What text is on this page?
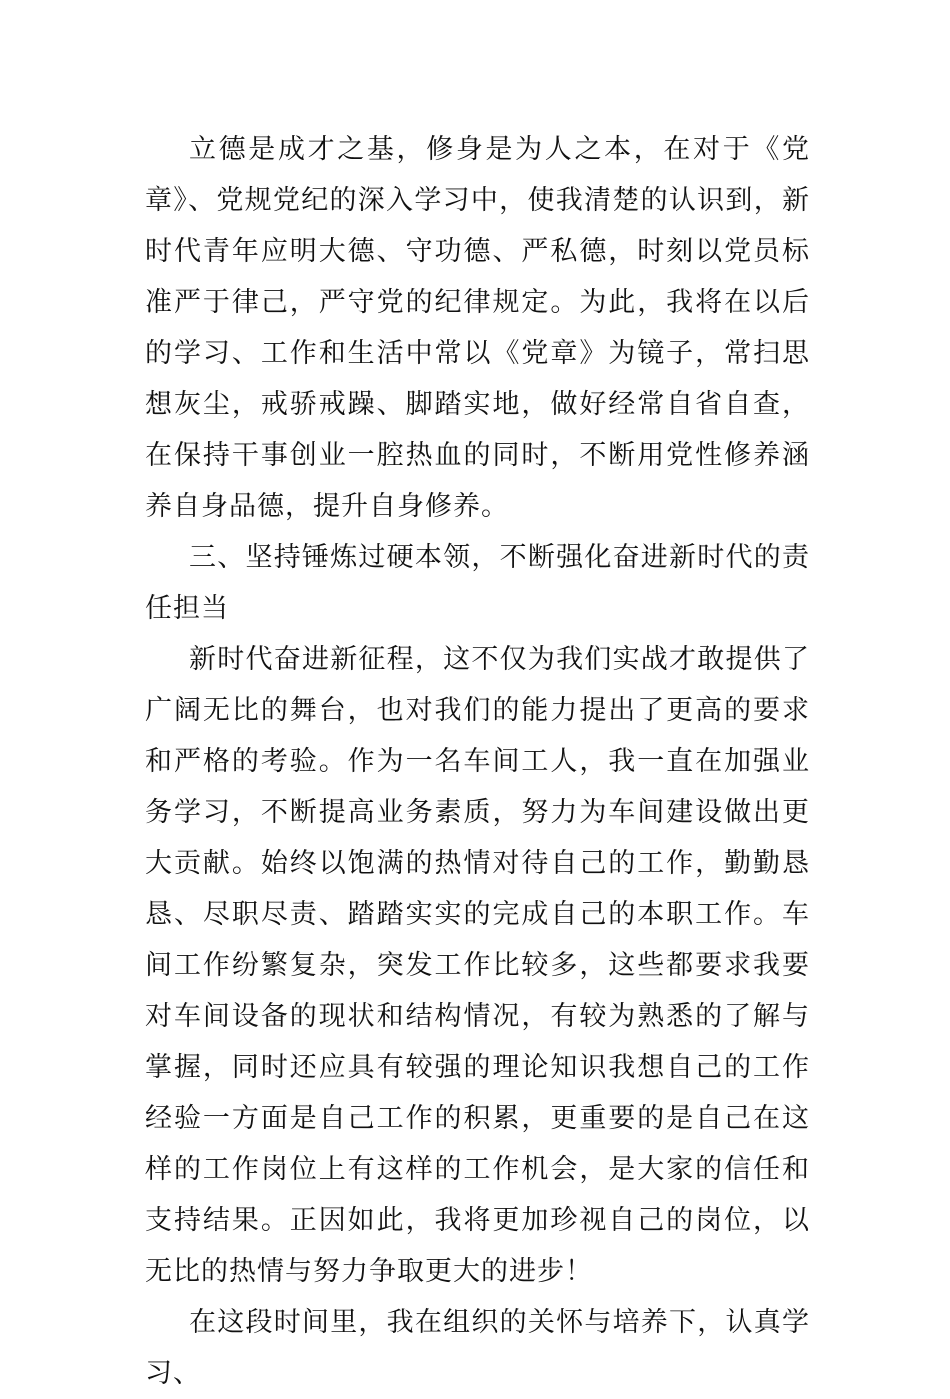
立德是成才之基，修身是为人之本，在对于《党章》、党规党纪的深入学习中，使我清楚的认识到，新时代青年应明大德、守功德、严私德，时刻以党员标准严于律己，严守党的纪律规定。为此，我将在以后的学习、工作和生活中常以《党章》为镜子，常扫思想灰尘，戒骄戒躁、脚踏实地，做好经常自省自查，在保持干事创业一腔热血的同时，不断用党性修养涵养自身品德，提升自身修养。

三、坚持锤炼过硬本领，不断强化奋进新时代的责任担当

新时代奋进新征程，这不仅为我们实战才敢提供了广阔无比的舞台，也对我们的能力提出了更高的要求和严格的考验。作为一名车间工人，我一直在加强业务学习，不断提高业务素质，努力为车间建设做出更大贡献。始终以饱满的热情对待自己的工作，勤勤恳恳、尽职尽责、踏踏实实的完成自己的本职工作。车间工作纷繁复杂，突发工作比较多，这些都要求我要对车间设备的现状和结构情况，有较为熟悉的了解与掌握，同时还应具有较强的理论知识我想自己的工作经验一方面是自己工作的积累，更重要的是自己在这样的工作岗位上有这样的工作机会，是大家的信任和支持结果。正因如此，我将更加珍视自己的岗位，以无比的热情与努力争取更大的进步！

在这段时间里，我在组织的关怀与培养下，认真学习、
